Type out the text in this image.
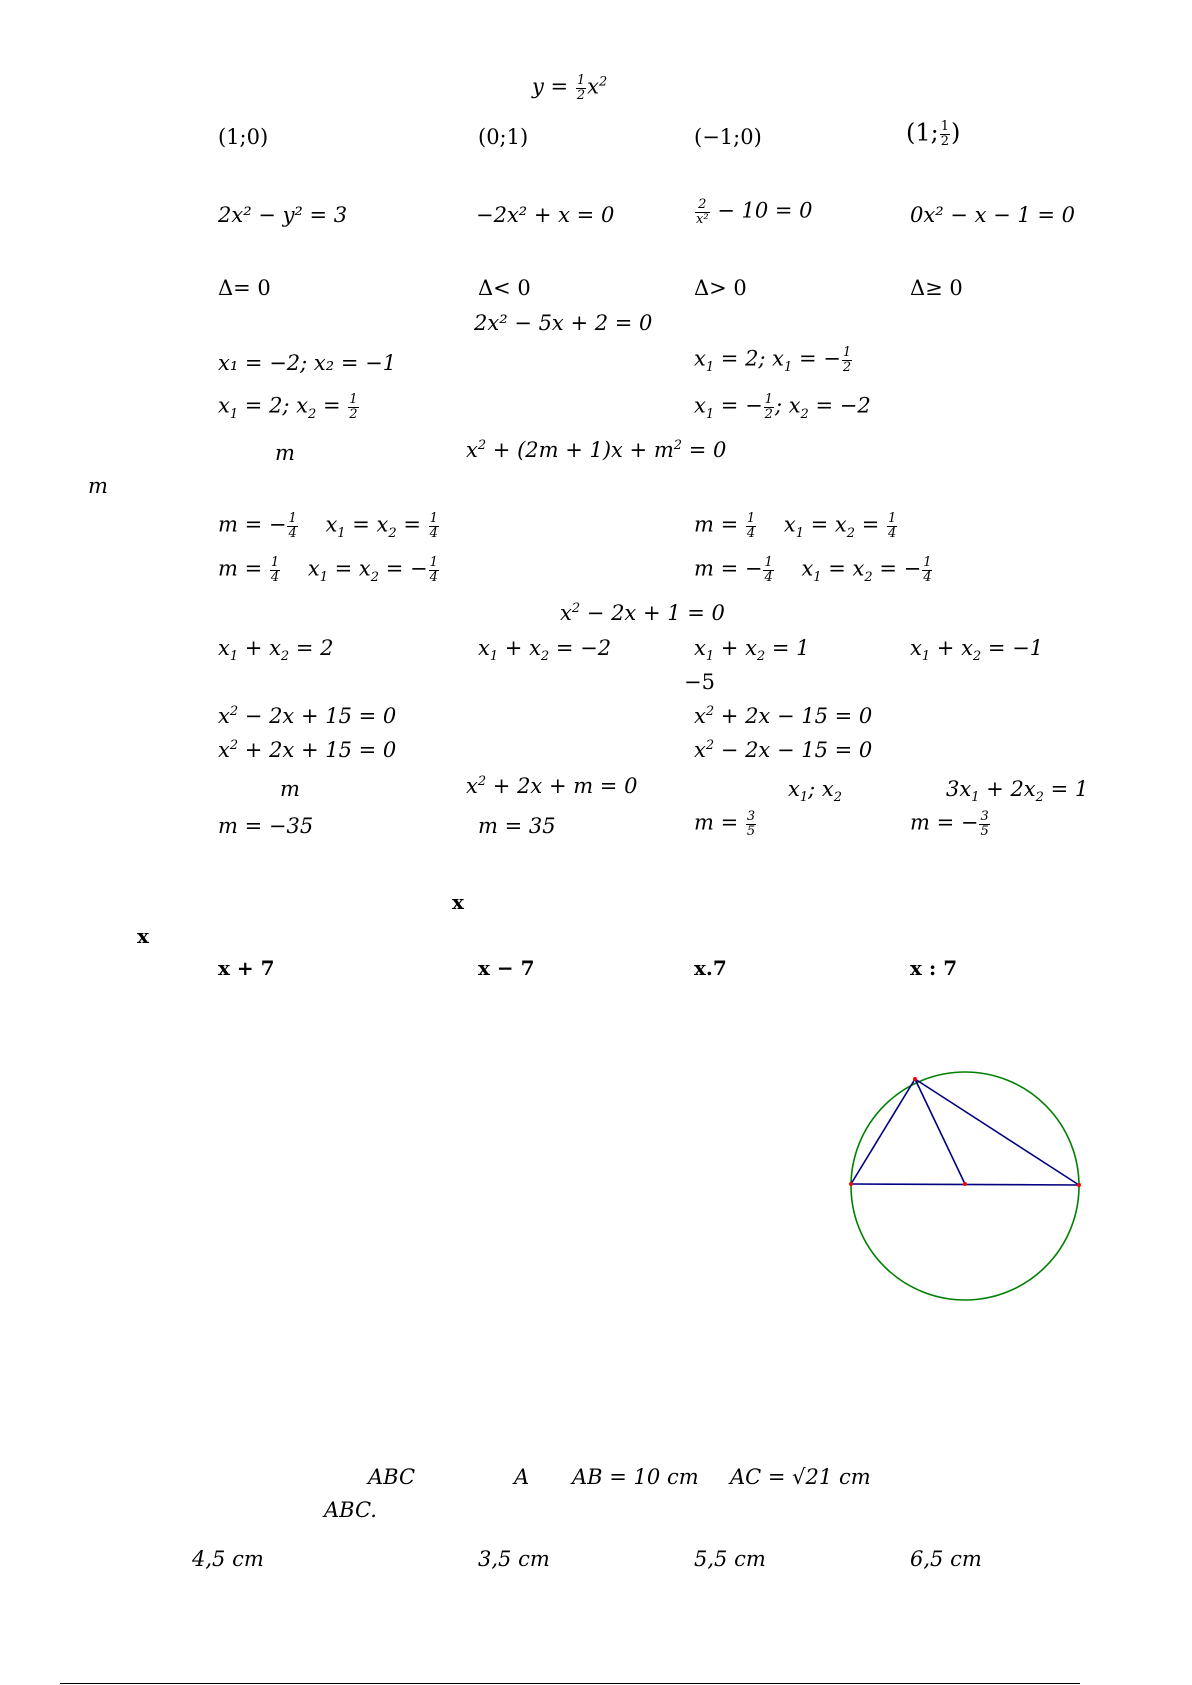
$y = \frac{1}{2} x^2$
(1;0)	(0;1)	(−1;0)	(1; $\frac{1}{2}$ )
2x² − y² = 3	−2x² + x = 0	$\frac{2}{\text{x²}} - 10 = 0$	0x² − x − 1 = 0
Δ= 0	Δ< 0	Δ> 0	Δ≥ 0
2x² − 5x + 2 = 0
x₁ = −2; x₂ = −1	$x_1 = 2$; $x_1$ = − $\frac{1}{2}$
$x_1 = 2$; $x_2 = \frac{1}{2}$	$x_1$ = − $\frac{1}{2}$ ; $x_2 = -2$
m	$x^2 + (2m + 1)x + m^2 = 0$
m
m = − $\frac{1}{4} x_1 = x_2 = \frac{1}{4}$	$m = \frac{1}{4} x_1 = x_2 = \frac{1}{4}$
$m = \frac{1}{4} x_1 = x_2$ = − $\frac{1}{4}$	m = − $\frac{1}{4} x_1 = x_2$ = − $\frac{1}{4}$
$x^2 - 2x + 1 = 0$
$x_1 + x_2 = 2$	$x_1 + x_2 = -2$	$x_1 + x_2 = 1$	$x_1 + x_2 = -1$
−5
$x^2 - 2x + 15 = 0$	$x^2 + 2x - 15 = 0$
$x^2 + 2x + 15 = 0$	$x^2 - 2x - 15 = 0$
m	$x^2 + 2x + m = 0$	$x_1$; $x_2$	$3x_1 + 2x_2 = 1$
m = −35	m = 35	$m = \frac{3}{5}$	m = − $\frac{3}{5}$
x
x
x + 7	x − 7	x.7	x : 7
ABC	A AB = 10 cm AC = √21 cm
ABC.
4,5 cm	3,5 cm	5,5 cm	6,5 cm
